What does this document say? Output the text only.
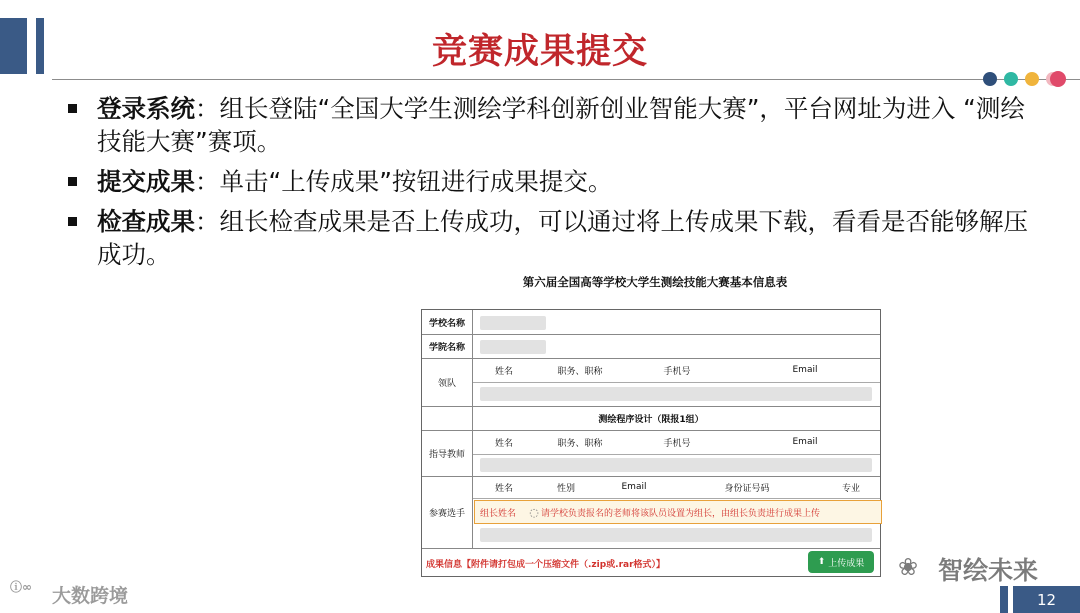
竞赛成果提交
登录系统：组长登陆“全国大学生测绘学科创新创业智能大赛”，平台网址为进入 “测绘技能大赛”赛项。
提交成果：单击“上传成果”按钮进行成果提交。
检查成果：组长检查成果是否上传成功，可以通过将上传成果下载，看看是否能够解压成功。
第六届全国高等学校大学生测绘技能大赛基本信息表
学校名称
学院名称
领队
姓名	职务、职称	手机号	Email
测绘程序设计（限报1组）
指导教师
姓名	职务、职称	手机号	Email
参赛选手
姓名	性别	Email	身份证号码	专业
组长姓名	◌ 请学校负责报名的老师将该队员设置为组长，由组长负责进行成果上传
成果信息【附件请打包成一个压缩文件（.zip或.rar格式）】	⬆ 上传成果
ⓘ∞ 大数跨境
❀ 智绘未来
12
